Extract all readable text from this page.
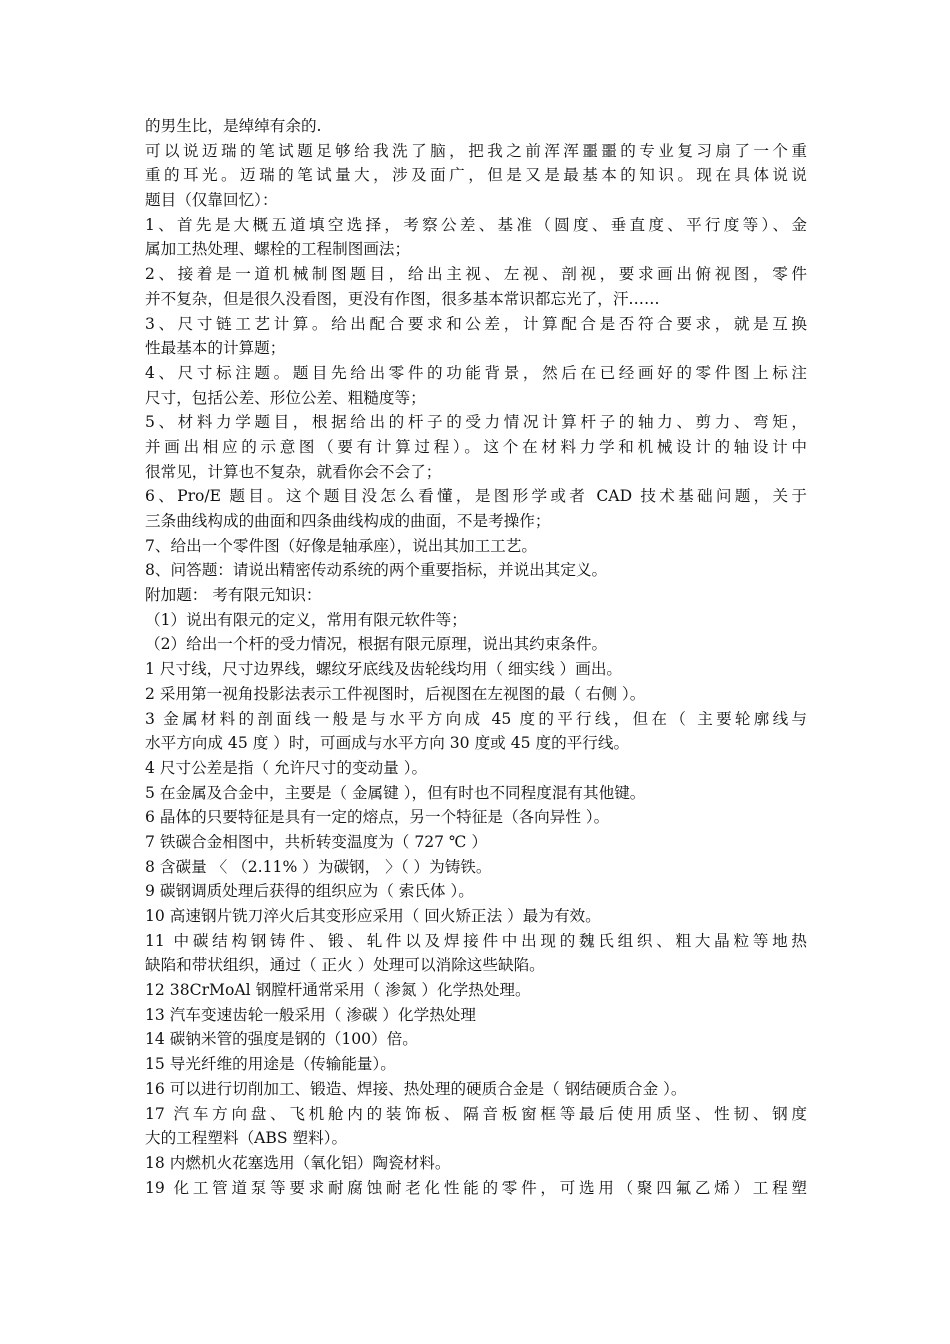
的男生比，是绰绰有余的.
可以说迈瑞的笔试题足够给我洗了脑，把我之前浑浑噩噩的专业复习扇了一个重
重的耳光。迈瑞的笔试量大，涉及面广，但是又是最基本的知识。现在具体说说
题目（仅靠回忆）：
1、首先是大概五道填空选择，考察公差、基准（圆度、垂直度、平行度等）、金
属加工热处理、螺栓的工程制图画法；
2、接着是一道机械制图题目，给出主视、左视、剖视，要求画出俯视图，零件
并不复杂，但是很久没看图，更没有作图，很多基本常识都忘光了，汗……
3、尺寸链工艺计算。给出配合要求和公差，计算配合是否符合要求，就是互换
性最基本的计算题；
4、尺寸标注题。题目先给出零件的功能背景，然后在已经画好的零件图上标注
尺寸，包括公差、形位公差、粗糙度等；
5、材料力学题目，根据给出的杆子的受力情况计算杆子的轴力、剪力、弯矩，
并画出相应的示意图（要有计算过程）。这个在材料力学和机械设计的轴设计中
很常见，计算也不复杂，就看你会不会了；
6、Pro/E 题目。这个题目没怎么看懂，是图形学或者 CAD 技术基础问题，关于
三条曲线构成的曲面和四条曲线构成的曲面，不是考操作；
7、给出一个零件图（好像是轴承座），说出其加工工艺。
8、问答题：请说出精密传动系统的两个重要指标，并说出其定义。
附加题： 考有限元知识：
（1）说出有限元的定义，常用有限元软件等；
（2）给出一个杆的受力情况，根据有限元原理，说出其约束条件。
1 尺寸线，尺寸边界线，螺纹牙底线及齿轮线均用（ 细实线 ）画出。
2 采用第一视角投影法表示工件视图时，后视图在左视图的最（ 右侧 ）。
3 金属材料的剖面线一般是与水平方向成 45 度的平行线，但在（ 主要轮廓线与
水平方向成 45 度 ）时，可画成与水平方向 30 度或 45 度的平行线。
4 尺寸公差是指（ 允许尺寸的变动量 ）。
5 在金属及合金中，主要是（ 金属键 ），但有时也不同程度混有其他键。
6 晶体的只要特征是具有一定的熔点，另一个特征是（各向异性 ）。
7 铁碳合金相图中，共析转变温度为（ 727 ℃ ）
8 含碳量 〈 （2.11% ）为碳钢， 〉（ ）为铸铁。
9 碳钢调质处理后获得的组织应为（ 索氏体 ）。
10 高速钢片铣刀淬火后其变形应采用（ 回火矫正法 ）最为有效。
11 中碳结构钢铸件、锻、轧件以及焊接件中出现的魏氏组织、粗大晶粒等地热
缺陷和带状组织，通过（ 正火 ）处理可以消除这些缺陷。
12 38CrMoAl 钢膛杆通常采用（ 渗氮 ）化学热处理。
13 汽车变速齿轮一般采用（ 渗碳 ）化学热处理
14 碳钠米管的强度是钢的（100）倍。
15 导光纤维的用途是（传输能量）。
16 可以进行切削加工、锻造、焊接、热处理的硬质合金是（ 钢结硬质合金 ）。
17 汽车方向盘、飞机舱内的装饰板、隔音板窗框等最后使用质坚、性韧、钢度
大的工程塑料（ABS 塑料）。
18 内燃机火花塞选用（氧化铝）陶瓷材料。
19 化工管道泵等要求耐腐蚀耐老化性能的零件，可选用（聚四氟乙烯）工程塑
